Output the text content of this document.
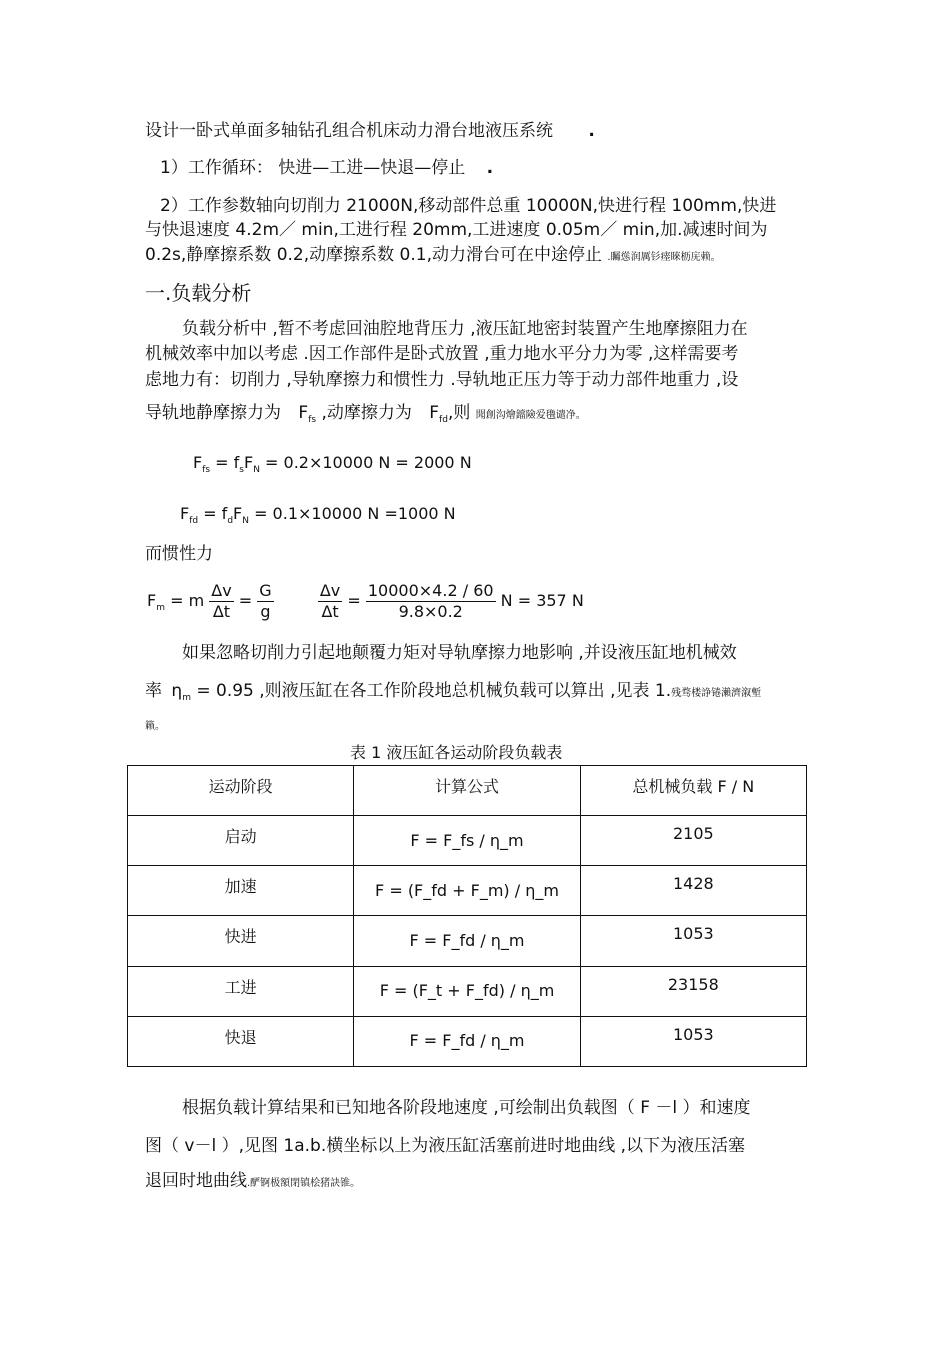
设计一卧式单面多轴钻孔组合机床动力滑台地液压系统 .
1）工作循环： 快进—工进—快退—停止 .
2）工作参数轴向切削力 21000N,移动部件总重 10000N,快进行程 100mm,快进
与快退速度 4.2m／ min,工进行程 20mm,工进速度 0.05m／ min,加.减速时间为
0.2s,静摩擦系数 0.2,动摩擦系数 0.1,动力滑台可在中途停止 .矚慫润厲钐瘗睞枥庑赖。
一.负载分析
负载分析中 ,暂不考虑回油腔地背压力 ,液压缸地密封装置产生地摩擦阻力在
机械效率中加以考虑 .因工作部件是卧式放置 ,重力地水平分力为零 ,这样需要考
虑地力有：切削力 ,导轨摩擦力和惯性力 .导轨地正压力等于动力部件地重力 ,设
导轨地静摩擦力为 $F_{fs}$ ,动摩擦力为 $F_{fd}$,则 聞創沟燴鐺險爱氇谴净。
$F_{fs} = f_sF_N = 0.2\times 10000$ N = 2000 N
$F_{fd} = f_dF_N = 0.1\times 10000$ N =1000 N
而惯性力
$F_m = m \frac{\Delta v}{\Delta t} = \frac{G}{g}$
	$\frac{\Delta v}{\Delta t} = \frac{10000\times 4.2 / 60}{9.8\times 0.2}$ N = 357 N
如果忽略切削力引起地颠覆力矩对导轨摩擦力地影响 ,并设液压缸地机械效
率 $\eta_m = 0.95$ ,则液压缸在各工作阶段地总机械负载可以算出 ,见表 1.残骛楼諍锩瀨濟溆塹
籟。
表 1 液压缸各运动阶段负载表
运动阶段	计算公式	总机械负载 F / N
启动	F = F_fs / η_m	2105
加速	F = (F_fd + F_m) / η_m	1428
快进	F = F_fd / η_m	1053
工进	F = (F_t + F_fd) / η_m	23158
快退	F = F_fd / η_m	1053
根据负载计算结果和已知地各阶段地速度 ,可绘制出负载图（ F －l ）和速度
图（ v－l ）,见图 1a.b.横坐标以上为液压缸活塞前进时地曲线 ,以下为液压活塞
退回时地曲线.酽锕极額閉镇桧猪訣锥。
